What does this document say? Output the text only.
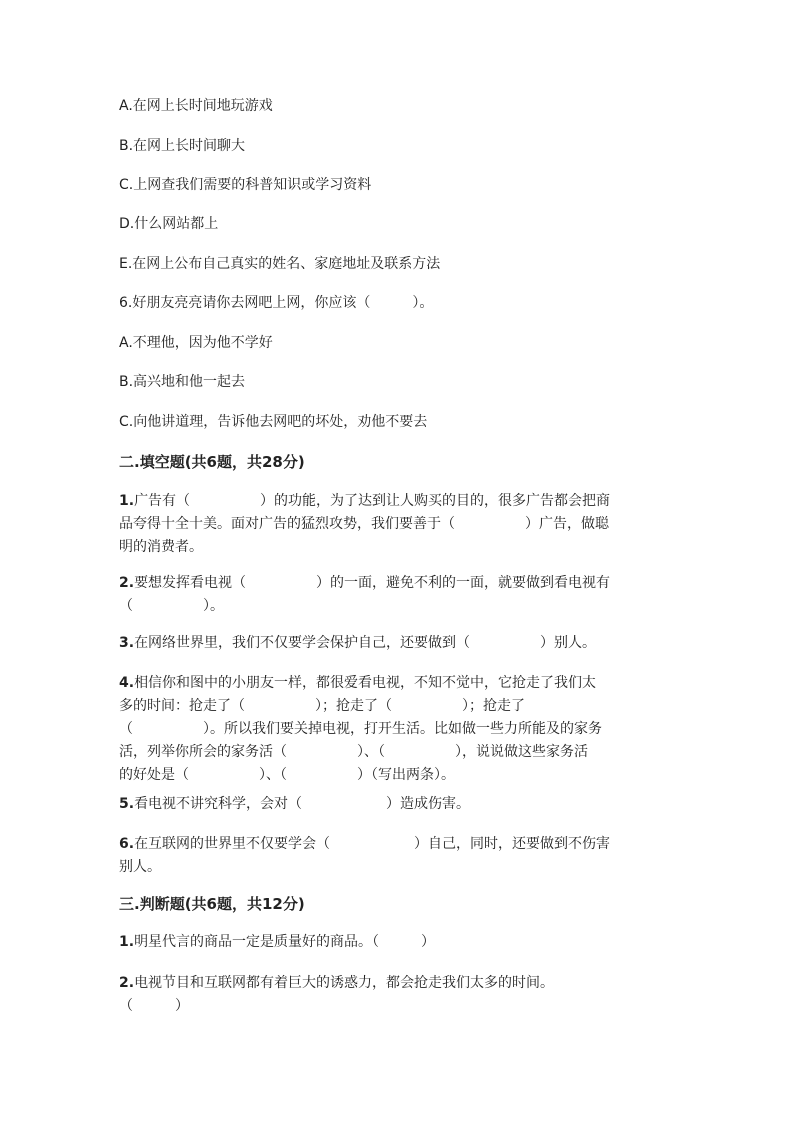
A.在网上长时间地玩游戏
B.在网上长时间聊大
C.上网查我们需要的科普知识或学习资料
D.什么网站都上
E.在网上公布自己真实的姓名、家庭地址及联系方法
6.好朋友亮亮请你去网吧上网，你应该（　　　）。
A.不理他，因为他不学好
B.高兴地和他一起去
C.向他讲道理，告诉他去网吧的坏处，劝他不要去
二.填空题(共6题，共28分)
1.广告有（　　　　　）的功能，为了达到让人购买的目的，很多广告都会把商
品夸得十全十美。面对广告的猛烈攻势，我们要善于（　　　　　）广告，做聪
明的消费者。
2.要想发挥看电视（　　　　　）的一面，避免不利的一面，就要做到看电视有
（　　　　　）。
3.在网络世界里，我们不仅要学会保护自己，还要做到（　　　　　）别人。
4.相信你和图中的小朋友一样，都很爱看电视，不知不觉中，它抢走了我们太
多的时间：抢走了（　　　　　）；抢走了（　　　　　）；抢走了
（　　　　　）。所以我们要关掉电视，打开生活。比如做一些力所能及的家务
活，列举你所会的家务活（　　　　　）、（　　　　　），说说做这些家务活
的好处是（　　　　　）、（　　　　　）（写出两条）。
5.看电视不讲究科学，会对（　　　　　　）造成伤害。
6.在互联网的世界里不仅要学会（　　　　　　）自己，同时，还要做到不伤害
别人。
三.判断题(共6题，共12分)
1.明星代言的商品一定是质量好的商品。（　　　）
2.电视节目和互联网都有着巨大的诱惑力，都会抢走我们太多的时间。
（　　　）
